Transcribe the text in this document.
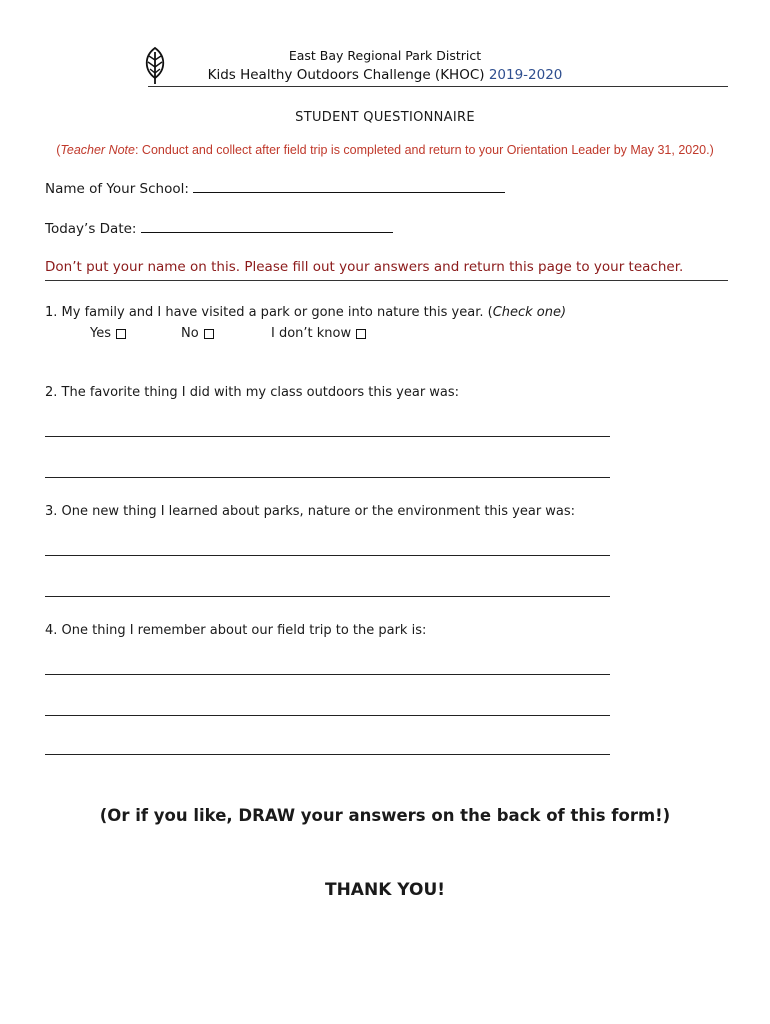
East Bay Regional Park District
Kids Healthy Outdoors Challenge (KHOC) 2019-2020
STUDENT QUESTIONNAIRE
(Teacher Note: Conduct and collect after field trip is completed and return to your Orientation Leader by May 31, 2020.)
Name of Your School:
Today’s Date:
Don’t put your name on this. Please fill out your answers and return this page to your teacher.
1. My family and I have visited a park or gone into nature this year. (Check one)
Yes	No	I don’t know
2. The favorite thing I did with my class outdoors this year was:
3. One new thing I learned about parks, nature or the environment this year was:
4. One thing I remember about our field trip to the park is:
(Or if you like, DRAW your answers on the back of this form!)
THANK YOU!
